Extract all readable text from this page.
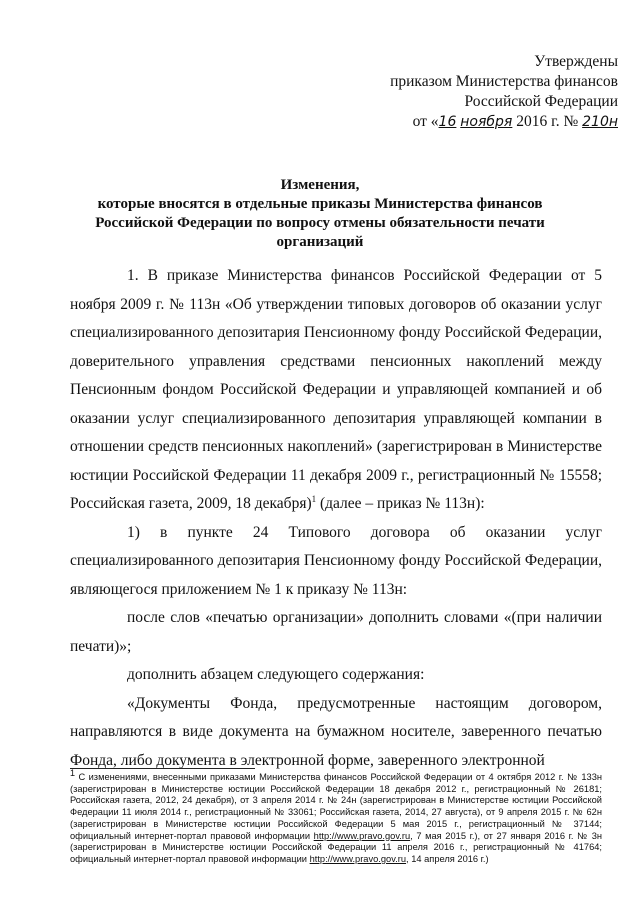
Утверждены
приказом Министерства финансов
Российской Федерации
от «16 ноября 2016 г. № 210н
Изменения,
которые вносятся в отдельные приказы Министерства финансов
Российской Федерации по вопросу отмены обязательности печати
организаций

1. В приказе Министерства финансов Российской Федерации от 5 ноября 2009 г. № 113н «Об утверждении типовых договоров об оказании услуг специализированного депозитария Пенсионному фонду Российской Федерации, доверительного управления средствами пенсионных накоплений между Пенсионным фондом Российской Федерации и управляющей компанией и об оказании услуг специализированного депозитария управляющей компании в отношении средств пенсионных накоплений» (зарегистрирован в Министерстве юстиции Российской Федерации 11 декабря 2009 г., регистрационный № 15558; Российская газета, 2009, 18 декабря)$^1$ (далее – приказ № 113н):

1) в пункте 24 Типового договора об оказании услуг специализированного депозитария Пенсионному фонду Российской Федерации, являющегося приложением № 1 к приказу № 113н:

после слов «печатью организации» дополнить словами «(при наличии печати)»;

дополнить абзацем следующего содержания:

«Документы Фонда, предусмотренные настоящим договором, направляются в виде документа на бумажном носителе, заверенного печатью Фонда, либо документа в электронной форме, заверенного электронной

$^1$ С изменениями, внесенными приказами Министерства финансов Российской Федерации от 4 октября 2012 г. № 133н (зарегистрирован в Министерстве юстиции Российской Федерации 18 декабря 2012 г., регистрационный № 26181; Российская газета, 2012, 24 декабря), от 3 апреля 2014 г. № 24н (зарегистрирован в Министерстве юстиции Российской Федерации 11 июля 2014 г., регистрационный № 33061; Российская газета, 2014, 27 августа), от 9 апреля 2015 г. № 62н (зарегистрирован в Министерстве юстиции Российской Федерации 5 мая 2015 г., регистрационный № 37144; официальный интернет-портал правовой информации http://www.pravo.gov.ru, 7 мая 2015 г.), от 27 января 2016 г. № 3н (зарегистрирован в Министерстве юстиции Российской Федерации 11 апреля 2016 г., регистрационный № 41764; официальный интернет-портал правовой информации http://www.pravo.gov.ru, 14 апреля 2016 г.)
